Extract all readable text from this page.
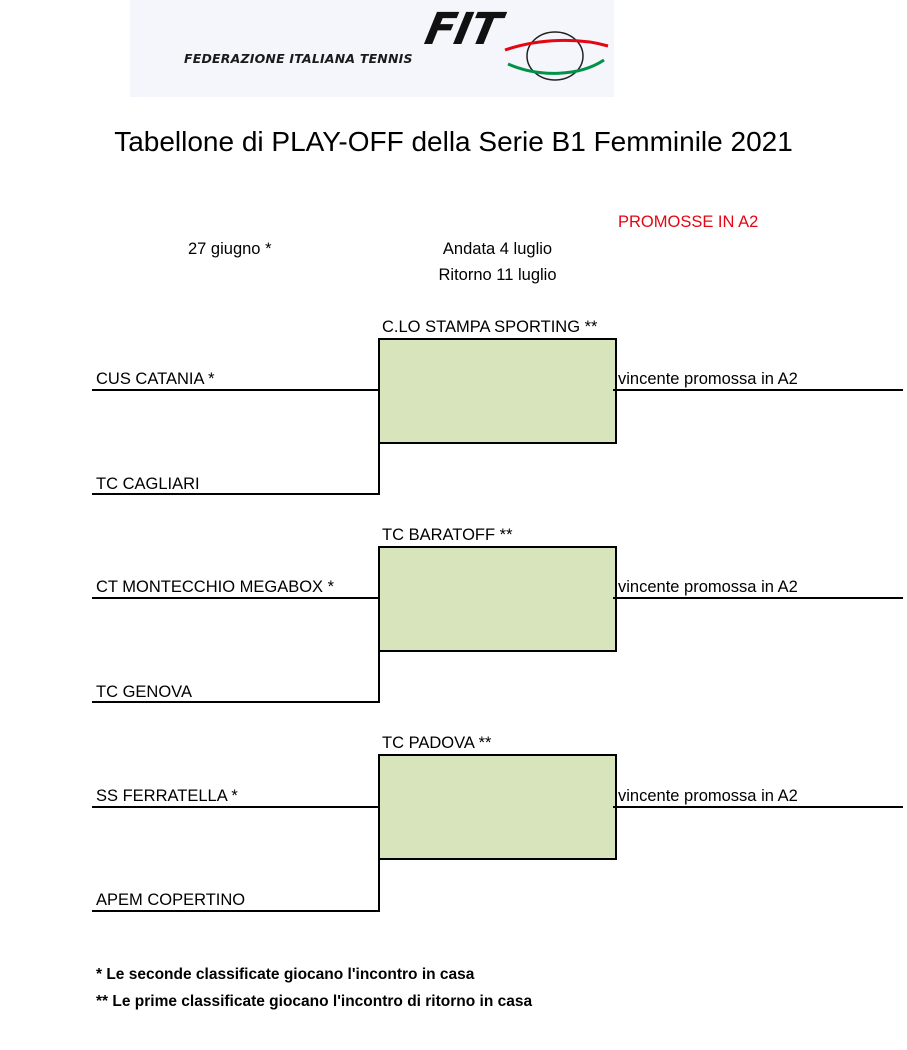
FIT
FEDERAZIONE ITALIANA TENNIS
Tabellone di PLAY-OFF della Serie B1 Femminile 2021
27 giugno *	Andata 4 luglio
Ritorno 11 luglio
PROMOSSE IN A2
C.LO STAMPA SPORTING **
CUS CATANIA *
TC CAGLIARI
vincente promossa in A2
TC BARATOFF **
CT MONTECCHIO MEGABOX *
TC GENOVA
vincente promossa in A2
TC PADOVA **
SS FERRATELLA *
APEM COPERTINO
vincente promossa in A2
* Le seconde classificate giocano l'incontro in casa
** Le prime classificate giocano l'incontro di ritorno in casa
